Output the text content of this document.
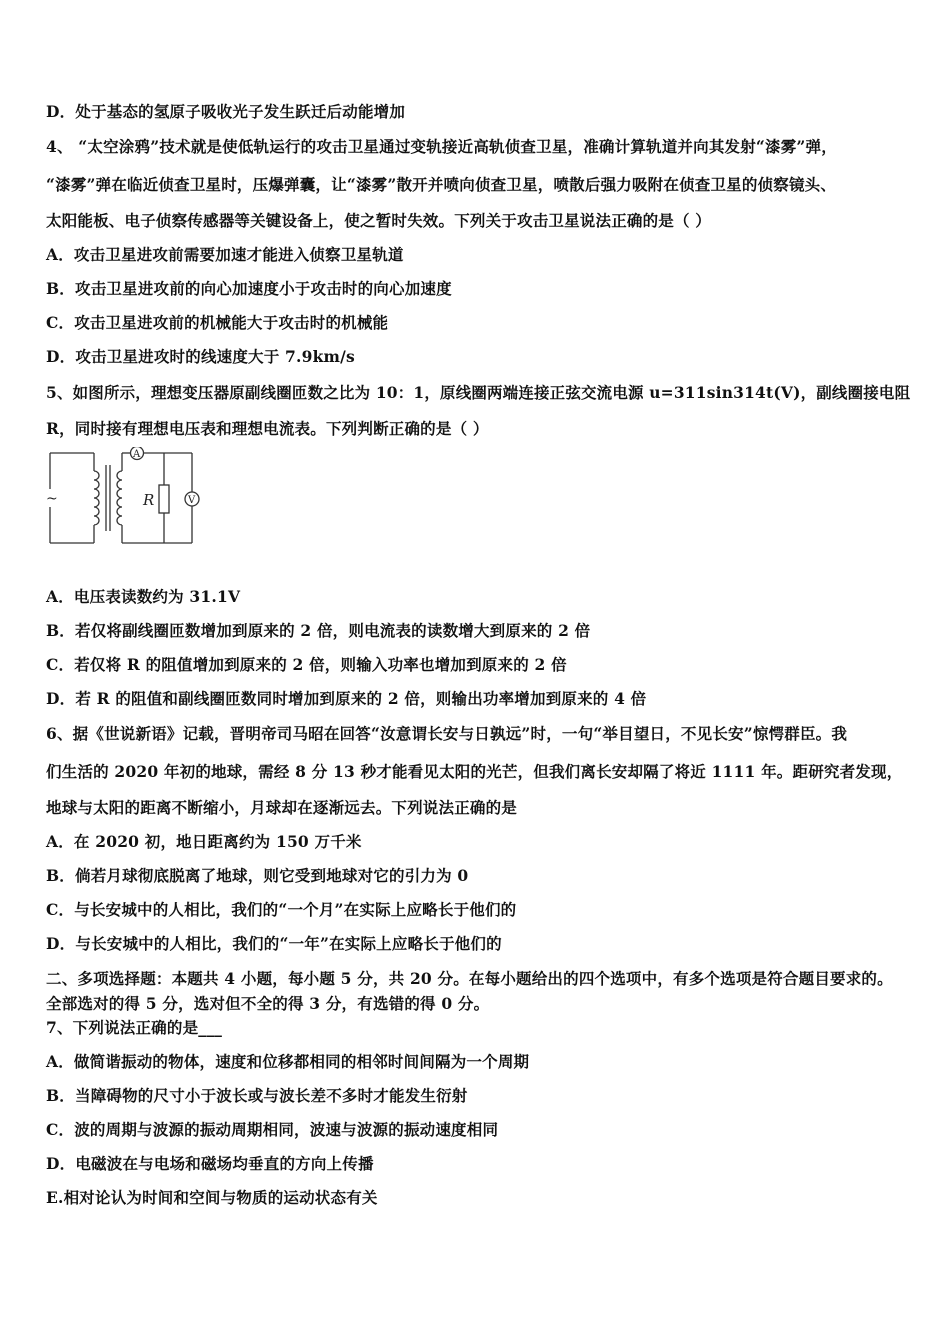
D．处于基态的氢原子吸收光子发生跃迁后动能增加
4、 “太空涂鸦”技术就是使低轨运行的攻击卫星通过变轨接近高轨侦查卫星，准确计算轨道并向其发射“漆雾”弹，
“漆雾”弹在临近侦查卫星时，压爆弹囊，让“漆雾”散开并喷向侦查卫星，喷散后强力吸附在侦查卫星的侦察镜头、
太阳能板、电子侦察传感器等关键设备上，使之暂时失效。下列关于攻击卫星说法正确的是（ ）
A．攻击卫星进攻前需要加速才能进入侦察卫星轨道
B．攻击卫星进攻前的向心加速度小于攻击时的向心加速度
C．攻击卫星进攻前的机械能大于攻击时的机械能
D．攻击卫星进攻时的线速度大于 7.9km/s
5、如图所示，理想变压器原副线圈匝数之比为 10：1，原线圈两端连接正弦交流电源 u=311sin314t(V)，副线圈接电阻
R，同时接有理想电压表和理想电流表。下列判断正确的是（ ）
~
A
R	V
A．电压表读数约为 31.1V
B．若仅将副线圈匝数增加到原来的 2 倍，则电流表的读数增大到原来的 2 倍
C．若仅将 R 的阻值增加到原来的 2 倍，则输入功率也增加到原来的 2 倍
D．若 R 的阻值和副线圈匝数同时增加到原来的 2 倍，则输出功率增加到原来的 4 倍
6、据《世说新语》记载，晋明帝司马昭在回答“汝意谓长安与日孰远”时，一句“举目望日，不见长安”惊愕群臣。我
们生活的 2020 年初的地球，需经 8 分 13 秒才能看见太阳的光芒，但我们离长安却隔了将近 1111 年。距研究者发现，
地球与太阳的距离不断缩小，月球却在逐渐远去。下列说法正确的是
A．在 2020 初，地日距离约为 150 万千米
B．倘若月球彻底脱离了地球，则它受到地球对它的引力为 0
C．与长安城中的人相比，我们的“一个月”在实际上应略长于他们的
D．与长安城中的人相比，我们的“一年”在实际上应略长于他们的
二、多项选择题：本题共 4 小题，每小题 5 分，共 20 分。在每小题给出的四个选项中，有多个选项是符合题目要求的。
全部选对的得 5 分，选对但不全的得 3 分，有选错的得 0 分。
7、下列说法正确的是___
A．做简谐振动的物体，速度和位移都相同的相邻时间间隔为一个周期
B．当障碍物的尺寸小于波长或与波长差不多时才能发生衍射
C．波的周期与波源的振动周期相同，波速与波源的振动速度相同
D．电磁波在与电场和磁场均垂直的方向上传播
E.相对论认为时间和空间与物质的运动状态有关
